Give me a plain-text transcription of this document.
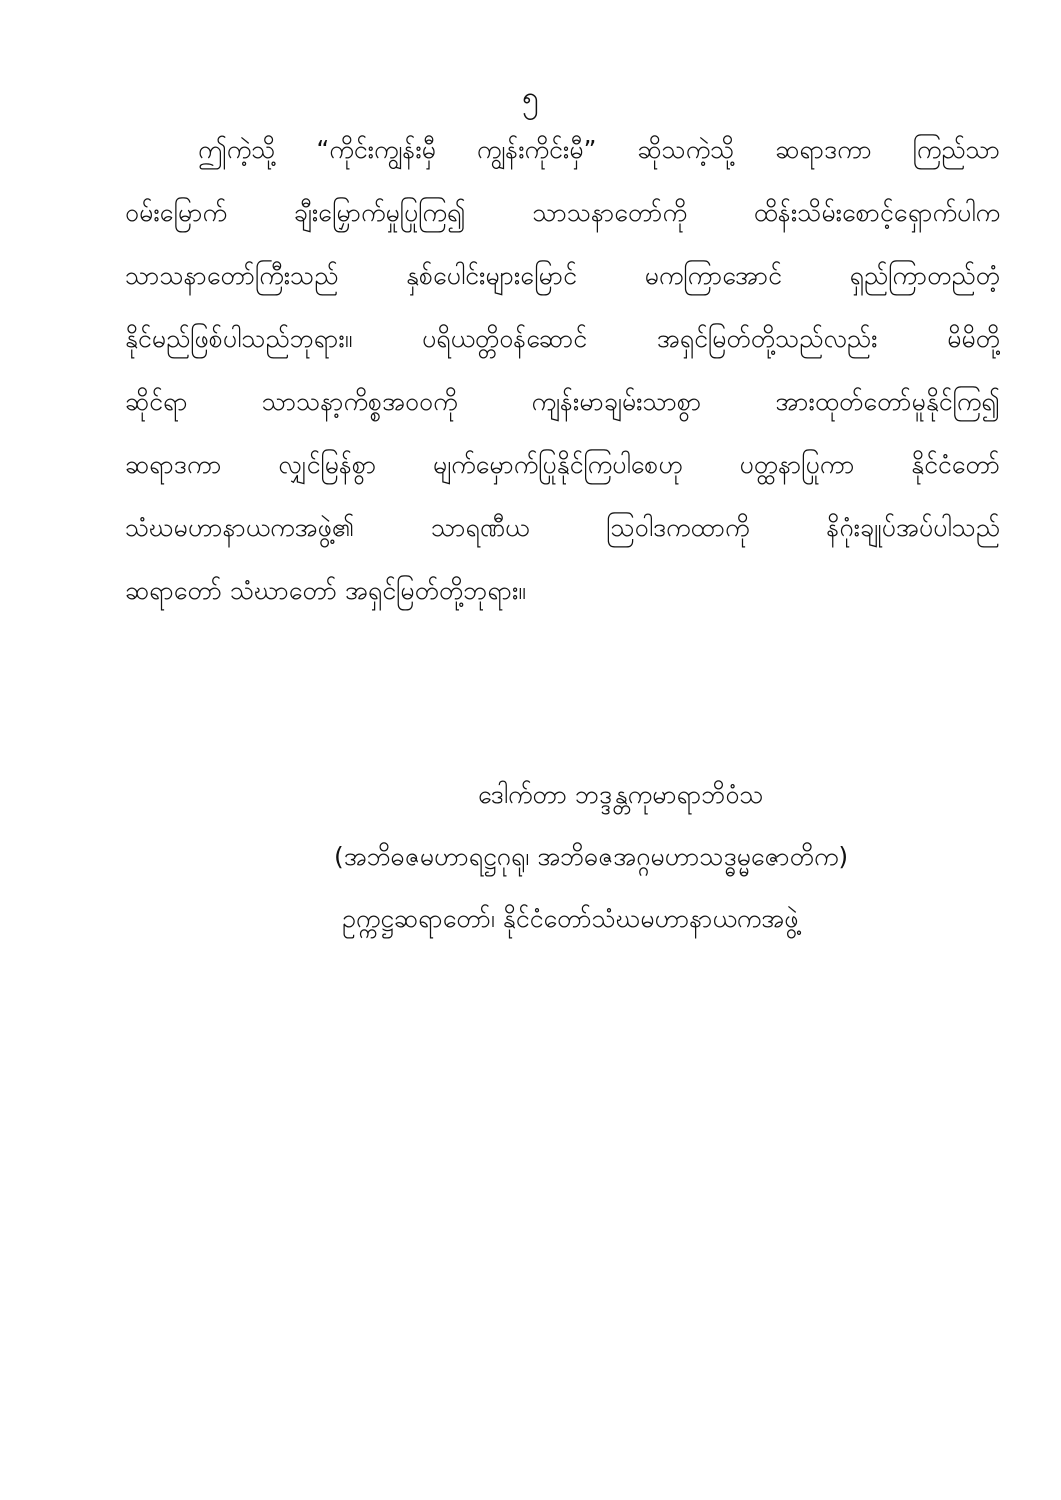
၅
ဤကဲ့သို့ “ကိုင်းကျွန်းမှီ ကျွန်းကိုင်းမှီ” ဆိုသကဲ့သို့ ဆရာဒကာ ကြည်သာ
ဝမ်းမြောက် ချီးမြှောက်မှုပြုကြ၍ သာသနာတော်ကို ထိန်းသိမ်းစောင့်ရှောက်ပါက
သာသနာတော်ကြီးသည် နှစ်ပေါင်းများမြောင် မကကြာအောင် ရှည်ကြာတည်တံ့
နိုင်မည်ဖြစ်ပါသည်ဘုရား။ ပရိယတ္တိဝန်ဆောင် အရှင်မြတ်တို့သည်လည်း မိမိတို့
ဆိုင်ရာ သာသနာ့ကိစ္စအဝဝကို ကျန်းမာချမ်းသာစွာ အားထုတ်တော်မူနိုင်ကြ၍
ဆရာဒကာ လျှင်မြန်စွာ မျက်မှောက်ပြုနိုင်ကြပါစေဟု ပတ္ထနာပြုကာ နိုင်ငံတော်
သံဃမဟာနာယကအဖွဲ့၏ သာရဏီယ သြဝါဒကထာကို နိဂုံးချုပ်အပ်ပါသည်
ဆရာတော် သံဃာတော် အရှင်မြတ်တို့ဘုရား။
ဒေါက်တာ ဘဒ္ဒန္တကုမာရာဘိဝံသ
(အဘိဓဇမဟာရဋ္ဌဂုရု၊ အဘိဓဇအဂ္ဂမဟာသဒ္ဓမ္မဇောတိက)
ဥက္ကဋ္ဌဆရာတော်၊ နိုင်ငံတော်သံဃမဟာနာယကအဖွဲ့
